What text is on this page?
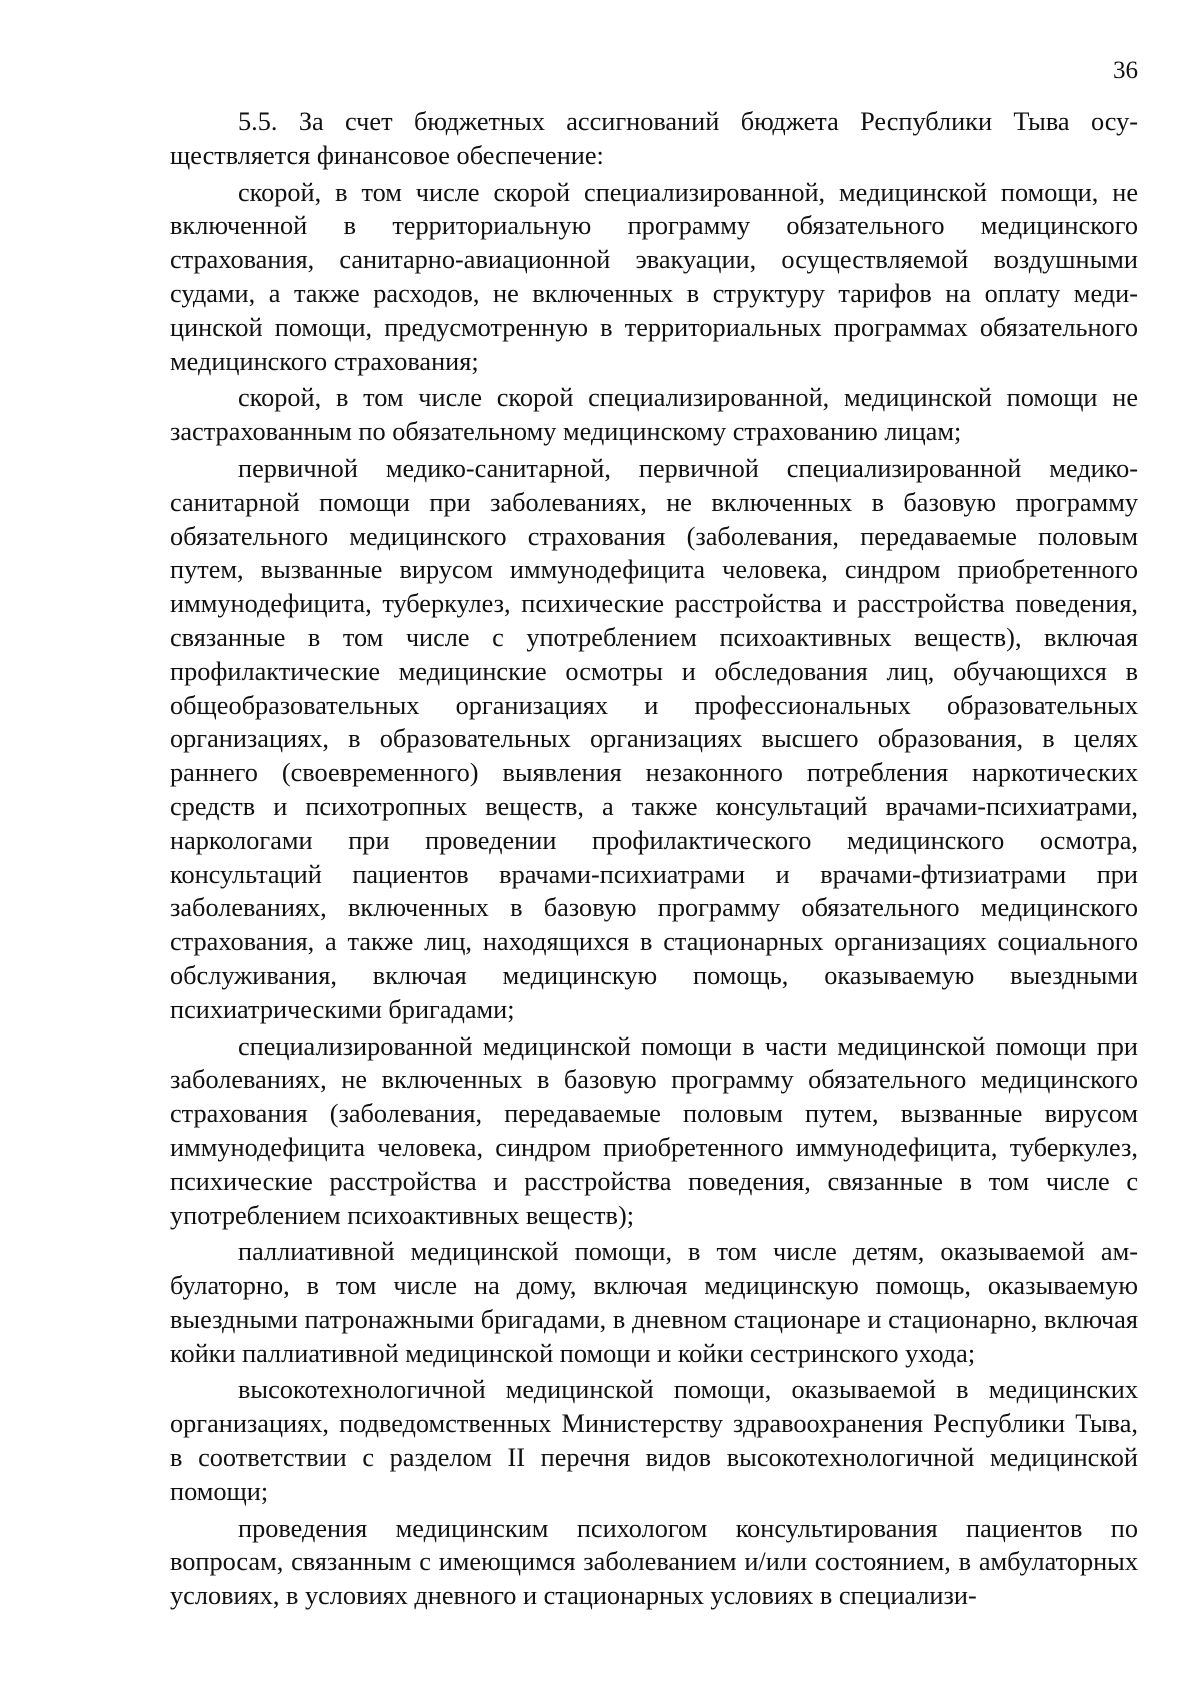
36

5.5. За счет бюджетных ассигнований бюджета Республики Тыва осуществляется финансовое обеспечение:

скорой, в том числе скорой специализированной, медицинской помощи, не включенной в территориальную программу обязательного медицинского страхования, санитарно-авиационной эвакуации, осуществляемой воздушными судами, а также расходов, не включенных в структуру тарифов на оплату медицинской помощи, предусмотренную в территориальных программах обязательного медицинского страхования;

скорой, в том числе скорой специализированной, медицинской помощи не застрахованным по обязательному медицинскому страхованию лицам;

первичной медико-санитарной, первичной специализированной медико-санитарной помощи при заболеваниях, не включенных в базовую программу обязательного медицинского страхования (заболевания, передаваемые половым путем, вызванные вирусом иммунодефицита человека, синдром приобретенного иммунодефицита, туберкулез, психические расстройства и расстройства поведения, связанные в том числе с употреблением психоактивных веществ), включая профилактические медицинские осмотры и обследования лиц, обучающихся в общеобразовательных организациях и профессиональных образовательных организациях, в образовательных организациях высшего образования, в целях раннего (своевременного) выявления незаконного потребления наркотических средств и психотропных веществ, а также консультаций врачами-психиатрами, наркологами при проведении профилактического медицинского осмотра, консультаций пациентов врачами-психиатрами и врачами-фтизиатрами при заболеваниях, включенных в базовую программу обязательного медицинского страхования, а также лиц, находящихся в стационарных организациях социального обслуживания, включая медицинскую помощь, оказываемую выездными психиатрическими бригадами;

специализированной медицинской помощи в части медицинской помощи при заболеваниях, не включенных в базовую программу обязательного медицинского страхования (заболевания, передаваемые половым путем, вызванные вирусом иммунодефицита человека, синдром приобретенного иммунодефицита, туберкулез, психические расстройства и расстройства поведения, связанные в том числе с употреблением психоактивных веществ);

паллиативной медицинской помощи, в том числе детям, оказываемой амбулаторно, в том числе на дому, включая медицинскую помощь, оказываемую выездными патронажными бригадами, в дневном стационаре и стационарно, включая койки паллиативной медицинской помощи и койки сестринского ухода;

высокотехнологичной медицинской помощи, оказываемой в медицинских организациях, подведомственных Министерству здравоохранения Республики Тыва, в соответствии с разделом II перечня видов высокотехнологичной медицинской помощи;

проведения медицинским психологом консультирования пациентов по вопросам, связанным с имеющимся заболеванием и/или состоянием, в амбулаторных условиях, в условиях дневного и стационарных условиях в специализи-
